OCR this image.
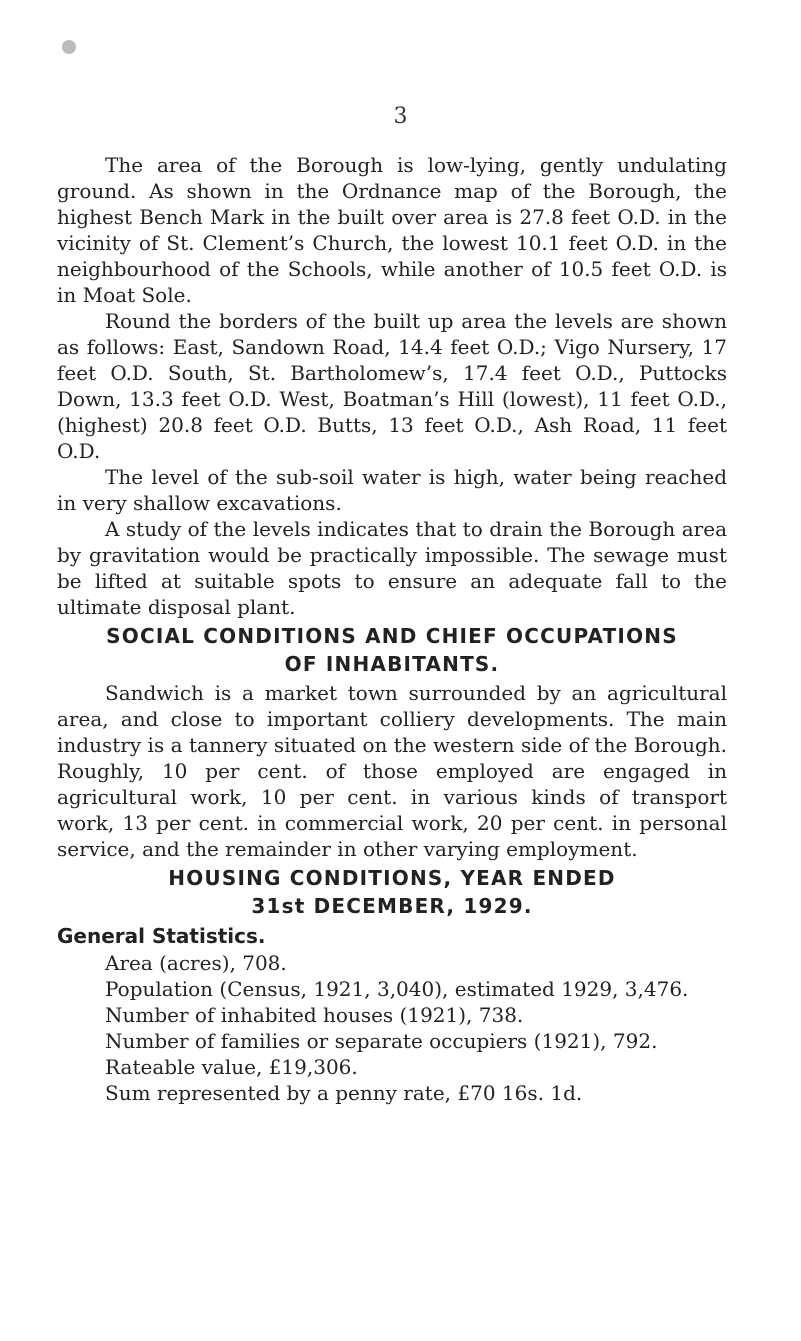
3

The area of the Borough is low-lying, gently undulating ground. As shown in the Ordnance map of the Borough, the highest Bench Mark in the built over area is 27.8 feet O.D. in the vicinity of St. Clement’s Church, the lowest 10.1 feet O.D. in the neighbourhood of the Schools, while another of 10.5 feet O.D. is in Moat Sole.

Round the borders of the built up area the levels are shown as follows: East, Sandown Road, 14.4 feet O.D.; Vigo Nursery, 17 feet O.D. South, St. Bartholomew’s, 17.4 feet O.D., Puttocks Down, 13.3 feet O.D. West, Boatman’s Hill (lowest), 11 feet O.D., (highest) 20.8 feet O.D. Butts, 13 feet O.D., Ash Road, 11 feet O.D.

The level of the sub-soil water is high, water being reached in very shallow excavations.

A study of the levels indicates that to drain the Borough area by gravitation would be practically impossible. The sewage must be lifted at suitable spots to ensure an adequate fall to the ultimate disposal plant.

SOCIAL CONDITIONS AND CHIEF OCCUPATIONS
OF INHABITANTS.

Sandwich is a market town surrounded by an agricultural area, and close to important colliery developments. The main industry is a tannery situated on the western side of the Borough. Roughly, 10 per cent. of those employed are engaged in agricultural work, 10 per cent. in various kinds of transport work, 13 per cent. in commercial work, 20 per cent. in personal service, and the remainder in other varying employment.

HOUSING CONDITIONS, YEAR ENDED
31st DECEMBER, 1929.
General Statistics.

Area (acres), 708.

Population (Census, 1921, 3,040), estimated 1929, 3,476.

Number of inhabited houses (1921), 738.

Number of families or separate occupiers (1921), 792.

Rateable value, £19,306.

Sum represented by a penny rate, £70 16s. 1d.
